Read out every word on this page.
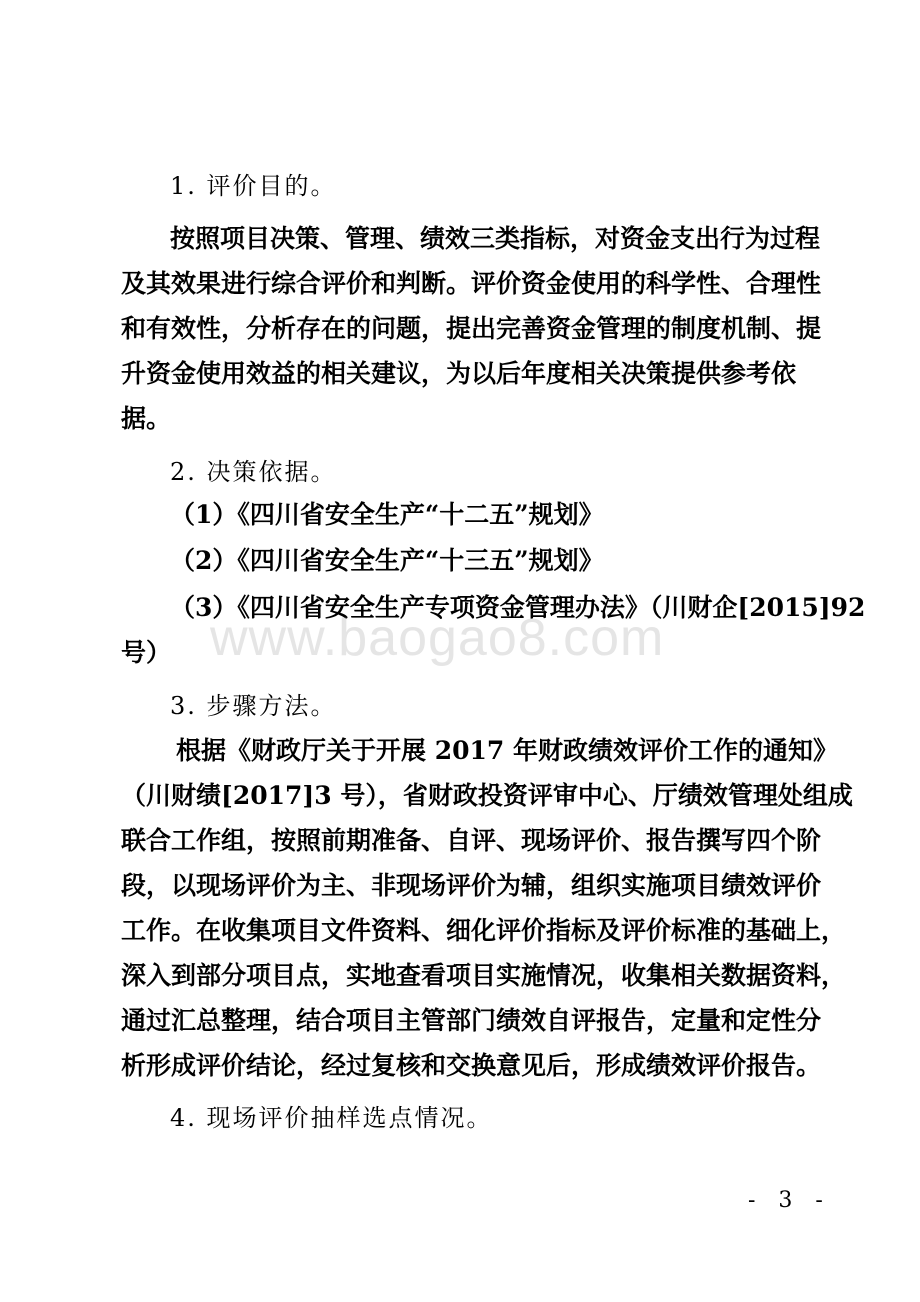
1. 评价目的。
按照项目决策、管理、绩效三类指标，对资金支出行为过程
及其效果进行综合评价和判断。评价资金使用的科学性、合理性
和有效性，分析存在的问题，提出完善资金管理的制度机制、提
升资金使用效益的相关建议，为以后年度相关决策提供参考依
据。
2. 决策依据。
（1）《四川省安全生产“十二五”规划》
（2）《四川省安全生产“十三五”规划》
（3）《四川省安全生产专项资金管理办法》（川财企[2015]92
号）
3. 步骤方法。
根据《财政厅关于开展 2017 年财政绩效评价工作的通知》
（川财绩[2017]3 号），省财政投资评审中心、厅绩效管理处组成
联合工作组，按照前期准备、自评、现场评价、报告撰写四个阶
段，以现场评价为主、非现场评价为辅，组织实施项目绩效评价
工作。在收集项目文件资料、细化评价指标及评价标准的基础上，
深入到部分项目点，实地查看项目实施情况，收集相关数据资料，
通过汇总整理，结合项目主管部门绩效自评报告，定量和定性分
析形成评价结论，经过复核和交换意见后，形成绩效评价报告。
4. 现场评价抽样选点情况。
www.baogao8.com
- 3 -
